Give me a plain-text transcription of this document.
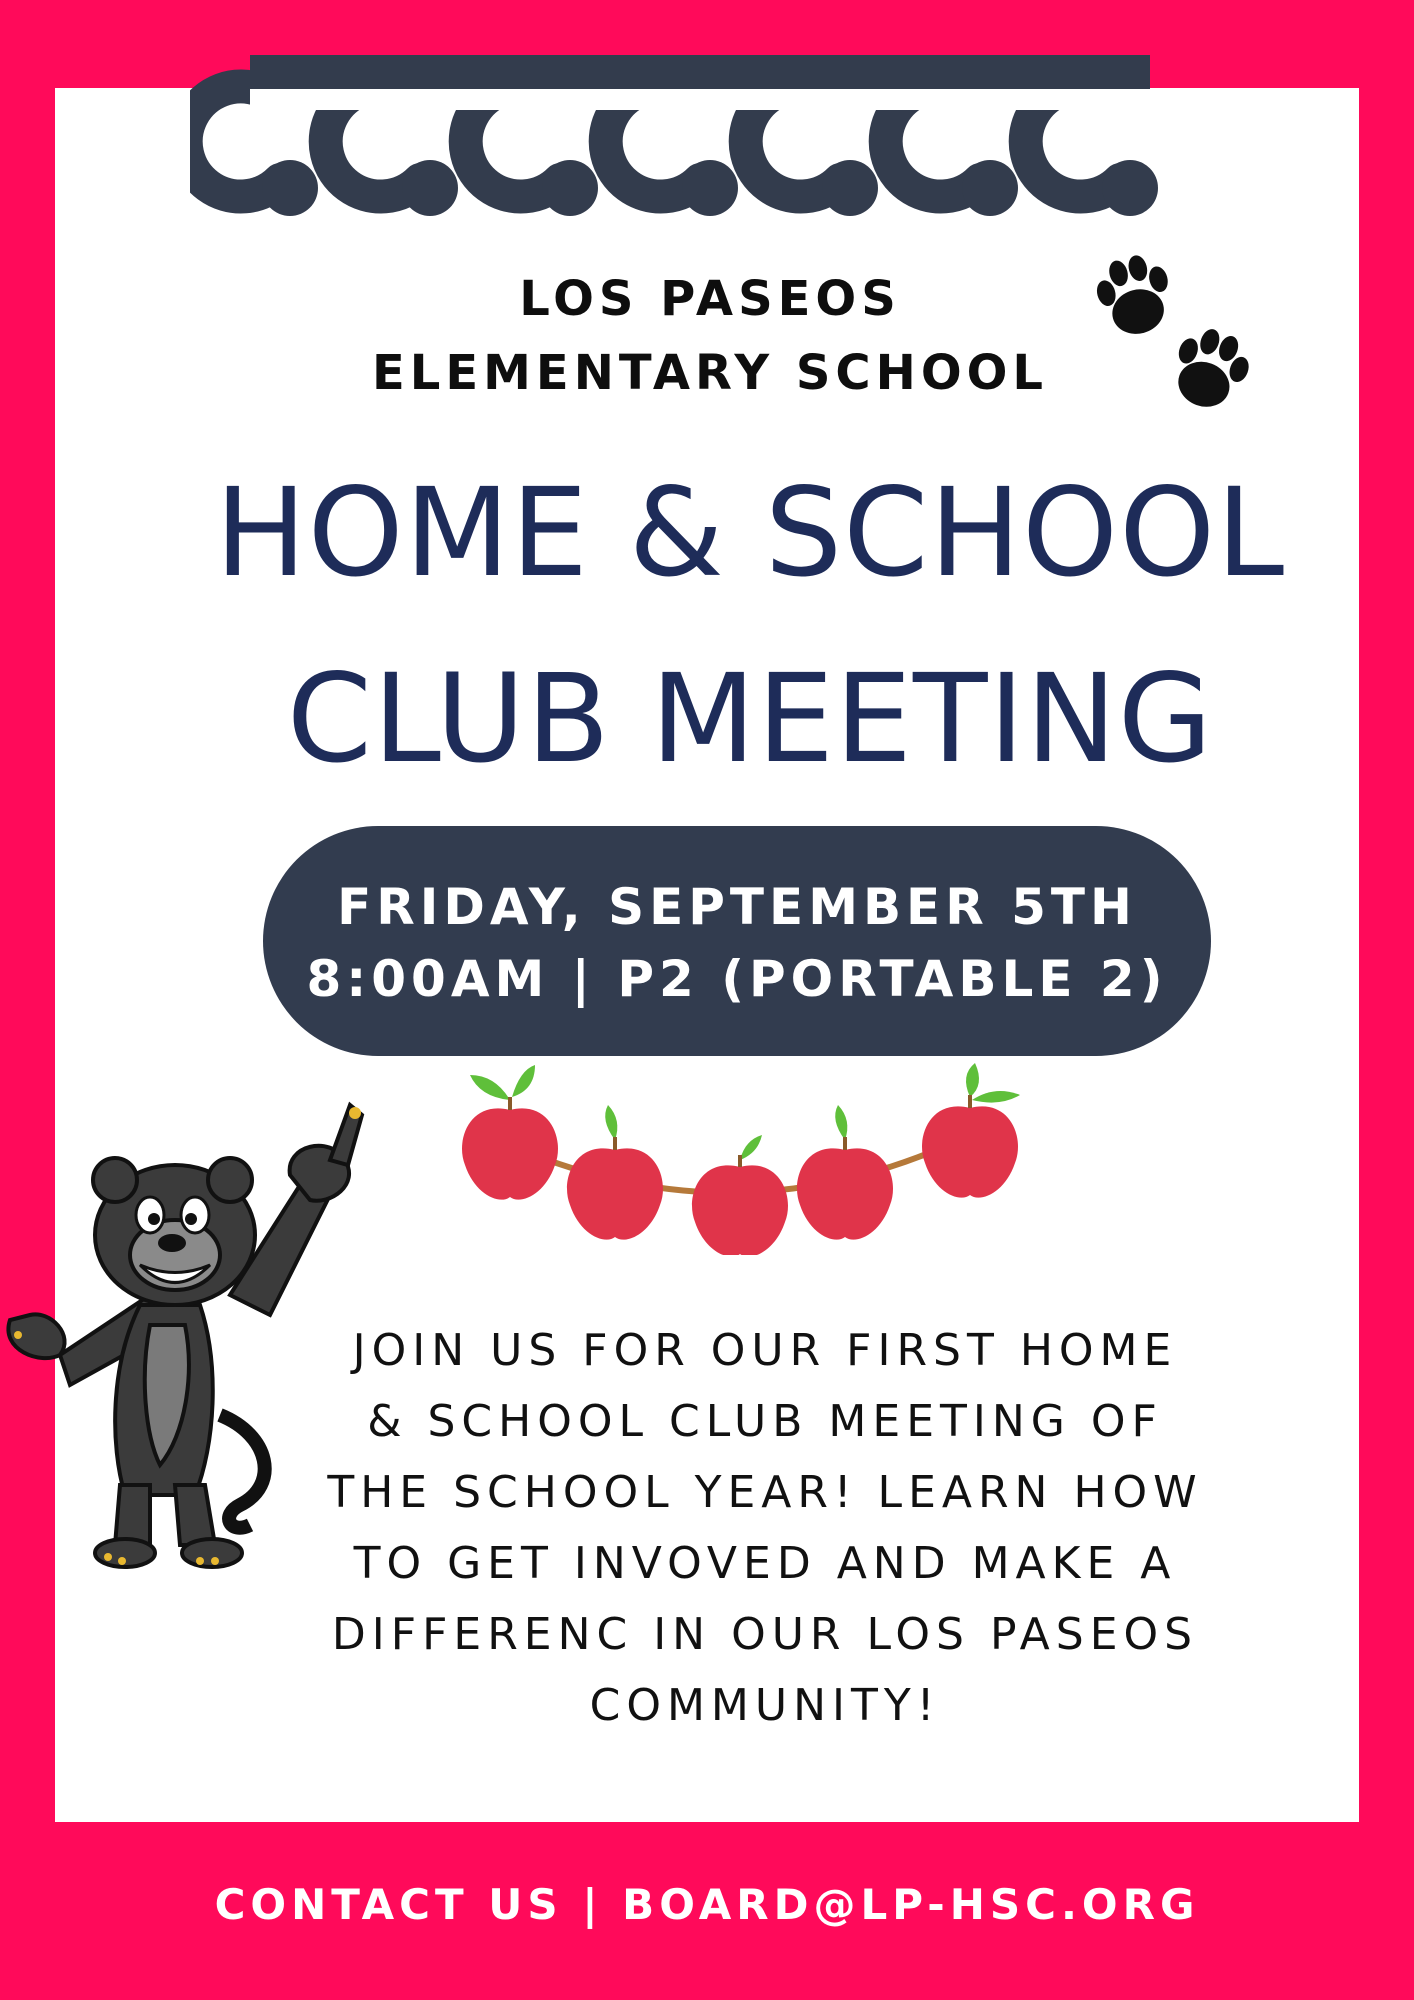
LOS PASEOS
ELEMENTARY SCHOOL
HOME & SCHOOL
CLUB MEETING
FRIDAY, SEPTEMBER 5TH
8:00AM | P2 (PORTABLE 2)
JOIN US FOR OUR FIRST HOME
& SCHOOL CLUB MEETING OF
THE SCHOOL YEAR! LEARN HOW
TO GET INVOVED AND MAKE A
DIFFERENC IN OUR LOS PASEOS
COMMUNITY!
CONTACT US | BOARD@LP-HSC.ORG
